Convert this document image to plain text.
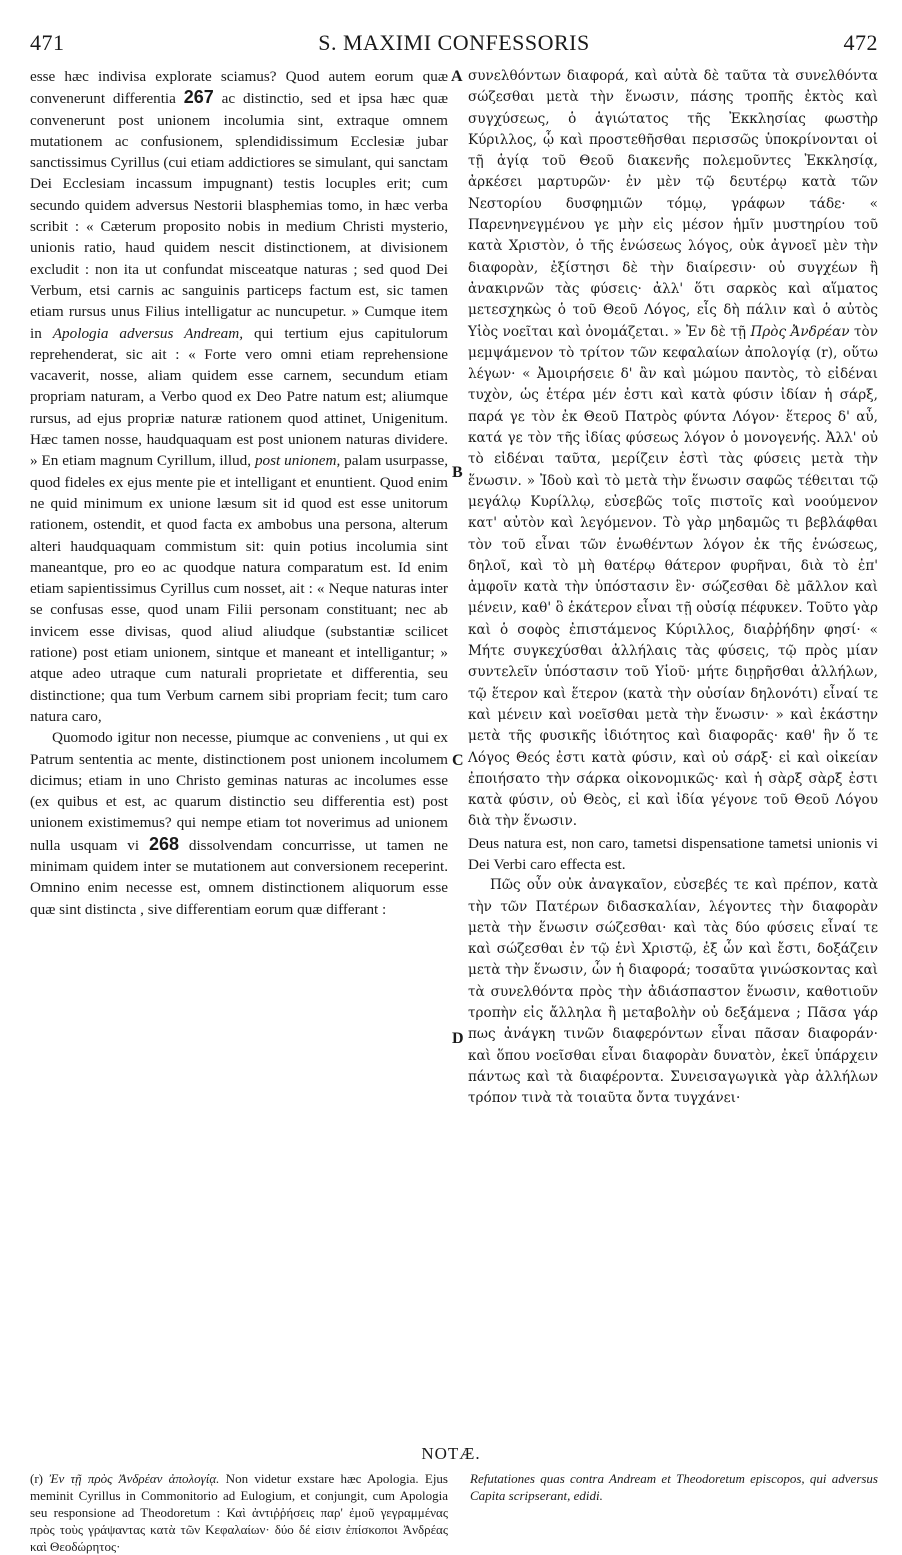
471	S. MAXIMI CONFESSORIS	472

esse hæc indivisa explorate sciamus? Quod autem eorum quæ convenerunt differentia 267 ac distinctio, sed et ipsa hæc quæ convenerunt post unionem incolumia sint, extraque omnem mutationem ac confusionem, splendidissimum Ecclesiæ jubar sanctissimus Cyrillus (cui etiam addictiores se simulant, qui sanctam Dei Ecclesiam incassum impugnant) testis locuples erit; cum secundo quidem adversus Nestorii blasphemias tomo, in hæc verba scribit : « Cæterum proposito nobis in medium Christi mysterio, unionis ratio, haud quidem nescit distinctionem, at divisionem excludit : non ita ut confundat misceatque naturas ; sed quod Dei Verbum, etsi carnis ac sanguinis particeps factum est, sic tamen etiam rursus unus Filius intelligatur ac nuncupetur. » Cumque item in Apologia adversus Andream, qui tertium ejus capitulorum reprehenderat, sic ait : « Forte vero omni etiam reprehensione vacaverit, nosse, aliam quidem esse carnem, secundum etiam propriam naturam, a Verbo quod ex Deo Patre natum est; aliumque rursus, ad ejus propriæ naturæ rationem quod attinet, Unigenitum. Hæc tamen nosse, haudquaquam est post unionem naturas dividere. » En etiam magnum Cyrillum, illud, post unionem, palam usurpasse, quod fideles ex ejus mente pie et intelligant et enuntient. Quod enim ne quid minimum ex unione læsum sit id quod est esse unitorum rationem, ostendit, et quod facta ex ambobus una persona, alterum alteri haudquaquam commistum sit: quin potius incolumia sint maneantque, pro eo ac quodque natura comparatum est. Id enim etiam sapientissimus Cyrillus cum nosset, ait : « Neque naturas inter se confusas esse, quod unam Filii personam constituant; nec ab invicem esse divisas, quod aliud aliudque (substantiæ scilicet ratione) post etiam unionem, sintque et maneant et intelligantur; » atque adeo utraque cum naturali proprietate et differentia, seu distinctione; qua tum Verbum carnem sibi propriam fecit; tum caro natura caro,

Quomodo igitur non necesse, piumque ac conveniens , ut qui ex Patrum sententia ac mente, distinctionem post unionem incolumem dicimus; etiam in uno Christo geminas naturas ac incolumes esse (ex quibus et est, ac quarum distinctio seu differentia est) post unionem existimemus? qui nempe etiam tot noverimus ad unionem nulla usquam vi 268 dissolvendam concurrisse, ut tamen ne minimam quidem inter se mutationem aut conversionem receperint. Omnino enim necesse est, omnem distinctionem aliquorum esse quæ sint distincta , sive differentiam eorum quæ differant :

A
B
C
D

συνελθόντων διαφορά, καὶ αὐτὰ δὲ ταῦτα τὰ συνελθόντα σώζεσθαι μετὰ τὴν ἕνωσιν, πάσης τροπῆς ἐκτὸς καὶ συγχύσεως, ὁ ἁγιώτατος τῆς Ἐκκλησίας φωστὴρ Κύριλλος, ᾧ καὶ προστεθῆσθαι περισσῶς ὑποκρίνονται οἱ τῇ ἁγίᾳ τοῦ Θεοῦ διακενῆς πολεμοῦντες Ἐκκλησίᾳ, ἀρκέσει μαρτυρῶν· ἐν μὲν τῷ δευτέρῳ κατὰ τῶν Νεστορίου δυσφημιῶν τόμῳ, γράφων τάδε· « Παρενηνεγμένου γε μὴν εἰς μέσον ἡμῖν μυστηρίου τοῦ κατὰ Χριστὸν, ὁ τῆς ἑνώσεως λόγος, οὐκ ἀγνοεῖ μὲν τὴν διαφορὰν, ἐξίστησι δὲ τὴν διαίρεσιν· οὐ συγχέων ἢ ἀνακιρνῶν τὰς φύσεις· ἀλλ' ὅτι σαρκὸς καὶ αἵματος μετεσχηκὼς ὁ τοῦ Θεοῦ Λόγος, εἷς δὴ πάλιν καὶ ὁ αὐτὸς Υἱὸς νοεῖται καὶ ὀνομάζεται. » Ἐν δὲ τῇ Πρὸς Ἀνδρέαν τὸν μεμψάμενον τὸ τρίτον τῶν κεφαλαίων ἀπολογίᾳ (r), οὕτω λέγων· « Ἀμοιρήσειε δ' ἂν καὶ μώμου παντὸς, τὸ εἰδέναι τυχὸν, ὡς ἑτέρα μέν ἐστι καὶ κατὰ φύσιν ἰδίαν ἡ σάρξ, παρά γε τὸν ἐκ Θεοῦ Πατρὸς φύντα Λόγον· ἕτερος δ' αὖ, κατά γε τὸν τῆς ἰδίας φύσεως λόγον ὁ μονογενής. Ἀλλ' οὐ τὸ εἰδέναι ταῦτα, μερίζειν ἐστὶ τὰς φύσεις μετὰ τὴν ἕνωσιν. » Ἰδοὺ καὶ τὸ μετὰ τὴν ἕνωσιν σαφῶς τέθειται τῷ μεγάλῳ Κυρίλλῳ, εὐσεβῶς τοῖς πιστοῖς καὶ νοούμενον κατ' αὐτὸν καὶ λεγόμενον. Τὸ γὰρ μηδαμῶς τι βεβλάφθαι τὸν τοῦ εἶναι τῶν ἑνωθέντων λόγον ἐκ τῆς ἑνώσεως, δηλοῖ, καὶ τὸ μὴ θατέρῳ θάτερον φυρῆναι, διὰ τὸ ἐπ' ἀμφοῖν κατὰ τὴν ὑπόστασιν ἓν· σώζεσθαι δὲ μᾶλλον καὶ μένειν, καθ' ὃ ἑκάτερον εἶναι τῇ οὐσίᾳ πέφυκεν. Τοῦτο γὰρ καὶ ὁ σοφὸς ἐπιστάμενος Κύριλλος, διαῤῥήδην φησί· « Μήτε συγκεχύσθαι ἀλλήλαις τὰς φύσεις, τῷ πρὸς μίαν συντελεῖν ὑπόστασιν τοῦ Υἱοῦ· μήτε διῃρῆσθαι ἀλλήλων, τῷ ἕτερον καὶ ἕτερον (κατὰ τὴν οὐσίαν δηλονότι) εἶναί τε καὶ μένειν καὶ νοεῖσθαι μετὰ τὴν ἕνωσιν· » καὶ ἑκάστην μετὰ τῆς φυσικῆς ἰδιότητος καὶ διαφορᾶς· καθ' ἣν ὅ τε Λόγος Θεός ἐστι κατὰ φύσιν, καὶ οὐ σάρξ· εἰ καὶ οἰκείαν ἐποιήσατο τὴν σάρκα οἰκονομικῶς· καὶ ἡ σὰρξ σὰρξ ἐστι κατὰ φύσιν, οὐ Θεὸς, εἰ καὶ ἰδία γέγονε τοῦ Θεοῦ Λόγου διὰ τὴν ἕνωσιν.

Deus natura est, non caro, tametsi dispensatione tametsi unionis vi Dei Verbi caro effecta est.

Πῶς οὖν οὐκ ἀναγκαῖον, εὐσεβές τε καὶ πρέπον, κατὰ τὴν τῶν Πατέρων διδασκαλίαν, λέγοντες τὴν διαφορὰν μετὰ τὴν ἕνωσιν σώζεσθαι· καὶ τὰς δύο φύσεις εἶναί τε καὶ σώζεσθαι ἐν τῷ ἑνὶ Χριστῷ, ἐξ ὧν καὶ ἔστι, δοξάζειν μετὰ τὴν ἕνωσιν, ὧν ἡ διαφορά; τοσαῦτα γινώσκοντας καὶ τὰ συνελθόντα πρὸς τὴν ἀδιάσπαστον ἕνωσιν, καθοτιοῦν τροπὴν εἰς ἄλληλα ἢ μεταβολὴν οὐ δεξάμενα ; Πᾶσα γάρ πως ἀνάγκη τινῶν διαφερόντων εἶναι πᾶσαν διαφοράν· καὶ ὅπου νοεῖσθαι εἶναι διαφορὰν δυνατὸν, ἐκεῖ ὑπάρχειν πάντως καὶ τὰ διαφέροντα. Συνεισαγωγικὰ γὰρ ἀλλήλων τρόπον τινὰ τὰ τοιαῦτα ὄντα τυγχάνει·

NOTÆ.
(r) Ἐν τῇ πρὸς Ἀνδρέαν ἀπολογίᾳ. Non videtur exstare hæc Apologia. Ejus meminit Cyrillus in Commonitorio ad Eulogium, et conjungit, cum Apologia seu responsione ad Theodoretum : Καὶ ἀντιῤῥήσεις παρ' ἐμοῦ γεγραμμένας πρὸς τοὺς γράψαντας κατὰ τῶν Κεφαλαίων· δύο δέ εἰσιν ἐπίσκοποι Ἀνδρέας καὶ Θεοδώρητος·
Refutationes quas contra Andream et Theodoretum episcopos, qui adversus Capita scripserant, edidi.
